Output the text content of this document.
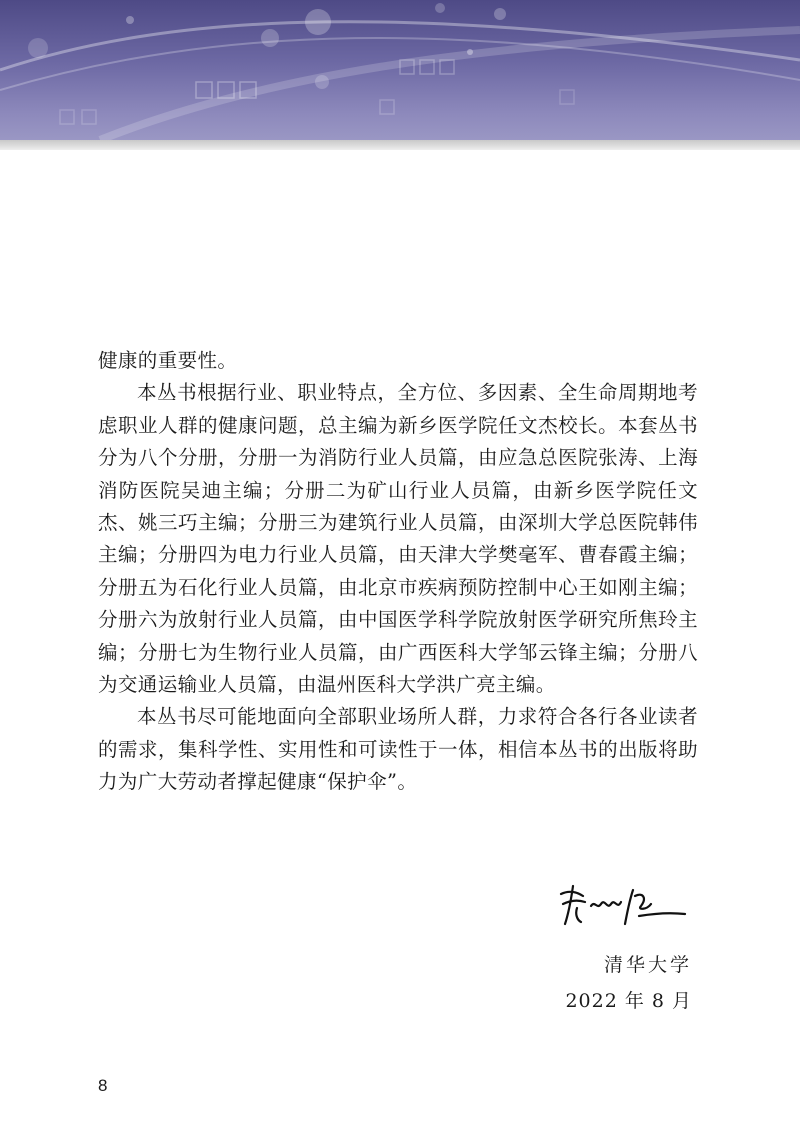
健康的重要性。

本丛书根据行业、职业特点，全方位、多因素、全生命周期地考虑职业人群的健康问题，总主编为新乡医学院任文杰校长。本套丛书分为八个分册，分册一为消防行业人员篇，由应急总医院张涛、上海消防医院吴迪主编；分册二为矿山行业人员篇，由新乡医学院任文杰、姚三巧主编；分册三为建筑行业人员篇，由深圳大学总医院韩伟主编；分册四为电力行业人员篇，由天津大学樊毫军、曹春霞主编；分册五为石化行业人员篇，由北京市疾病预防控制中心王如刚主编；分册六为放射行业人员篇，由中国医学科学院放射医学研究所焦玲主编；分册七为生物行业人员篇，由广西医科大学邹云锋主编；分册八为交通运输业人员篇，由温州医科大学洪广亮主编。

本丛书尽可能地面向全部职业场所人群，力求符合各行各业读者的需求，集科学性、实用性和可读性于一体，相信本丛书的出版将助力为广大劳动者撑起健康“保护伞”。

清华大学
2022 年 8 月
8
